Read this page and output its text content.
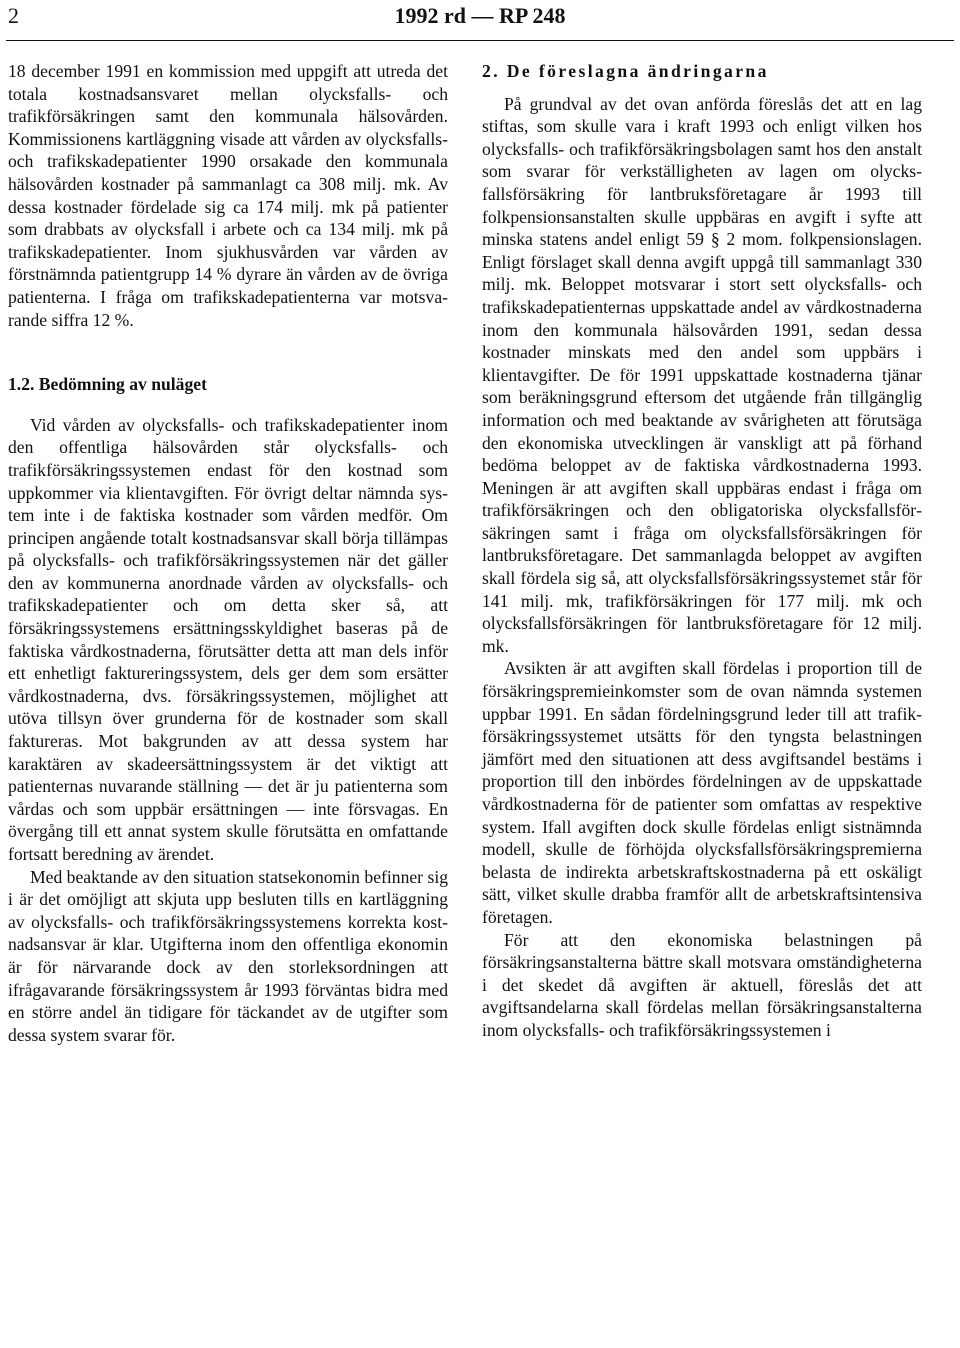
2	1992 rd — RP 248

18 december 1991 en kommission med uppgift att utreda det totala kostnadsansvaret mellan olycksfalls- och trafikförsäkringen samt den kommunala hälsovården. Kommissionens kartläggning visade att vården av olycksfalls- och trafikskadepatienter 1990 orsakade den kommunala hälsovården kostnader på sammanlagt ca 308 milj. mk. Av dessa kostnader fördelade sig ca 174 milj. mk på patienter som drabbats av olycksfall i arbete och ca 134 milj. mk på trafikskadepatienter. Inom sjukhusvården var vården av förstnämnda patientgrupp 14 % dyrare än vården av de övriga patienterna. I fråga om trafikskadepatienterna var motsvarande siffra 12 %.

1.2. Bedömning av nuläget

Vid vården av olycksfalls- och trafikskadepatienter inom den offentliga hälsovården står olycksfalls- och trafikförsäkringssystemen endast för den kostnad som uppkommer via klientavgiften. För övrigt deltar nämnda system inte i de faktiska kostnader som vården medför. Om principen angående totalt kostnadsansvar skall börja tillämpas på olycksfalls- och trafikförsäkringssystemen när det gäller den av kommunerna anordnade vården av olycksfalls- och trafikskadepatienter och om detta sker så, att försäkringssystemens ersättningsskyldighet baseras på de faktiska vårdkostnaderna, förutsätter detta att man dels inför ett enhetligt faktureringssystem, dels ger dem som ersätter vårdkostnaderna, dvs. försäkringssystemen, möjlighet att utöva tillsyn över grunderna för de kostnader som skall faktureras. Mot bakgrunden av att dessa system har karaktären av skadeersättningssystem är det viktigt att patienternas nuvarande ställning — det är ju patienterna som vårdas och som uppbär ersättningen — inte försvagas. En övergång till ett annat system skulle förutsätta en omfattande fortsatt beredning av ärendet.

Med beaktande av den situation statsekonomin befinner sig i är det omöjligt att skjuta upp besluten tills en kartläggning av olycksfalls- och trafikförsäkringssystemens korrekta kostnadsansvar är klar. Utgifterna inom den offentliga ekonomin är för närvarande dock av den storleksordningen att ifrågavarande försäkringssystem år 1993 förväntas bidra med en större andel än tidigare för täckandet av de utgifter som dessa system svarar för.

2. De föreslagna ändringarna

På grundval av det ovan anförda föreslås det att en lag stiftas, som skulle vara i kraft 1993 och enligt vilken hos olycksfalls- och trafikförsäkringsbolagen samt hos den anstalt som svarar för verkställigheten av lagen om olycksfallsförsäkring för lantbruksföretagare år 1993 till folkpensionsanstalten skulle uppbäras en avgift i syfte att minska statens andel enligt 59 § 2 mom. folkpensionslagen. Enligt förslaget skall denna avgift uppgå till sammanlagt 330 milj. mk. Beloppet motsvarar i stort sett olycksfalls- och trafikskadepatienternas uppskattade andel av vårdkostnaderna inom den kommunala hälsovården 1991, sedan dessa kostnader minskats med den andel som uppbärs i klientavgifter. De för 1991 uppskattade kostnaderna tjänar som beräkningsgrund eftersom det utgående från tillgänglig information och med beaktande av svårigheten att förutsäga den ekonomiska utvecklingen är vanskligt att på förhand bedöma beloppet av de faktiska vårdkostnaderna 1993. Meningen är att avgiften skall uppbäras endast i fråga om trafikförsäkringen och den obligatoriska olycksfallsförsäkringen samt i fråga om olycksfallsförsäkringen för lantbruksföretagare. Det sammanlagda beloppet av avgiften skall fördela sig så, att olycksfallsförsäkringssystemet står för 141 milj. mk, trafikförsäkringen för 177 milj. mk och olycksfallsförsäkringen för lantbruksföretagare för 12 milj. mk.

Avsikten är att avgiften skall fördelas i proportion till de försäkringspremieinkomster som de ovan nämnda systemen uppbar 1991. En sådan fördelningsgrund leder till att trafikförsäkringssystemet utsätts för den tyngsta belastningen jämfört med den situationen att dess avgiftsandel bestäms i proportion till den inbördes fördelningen av de uppskattade vårdkostnaderna för de patienter som omfattas av respektive system. Ifall avgiften dock skulle fördelas enligt sistnämnda modell, skulle de förhöjda olycksfallsförsäkringspremierna belasta de indirekta arbetskraftskostnaderna på ett oskäligt sätt, vilket skulle drabba framför allt de arbetskraftsintensiva företagen.

För att den ekonomiska belastningen på försäkringsanstalterna bättre skall motsvara omständigheterna i det skedet då avgiften är aktuell, föreslås det att avgiftsandelarna skall fördelas mellan försäkringsanstalterna inom olycksfalls- och trafikförsäkringssystemen i
